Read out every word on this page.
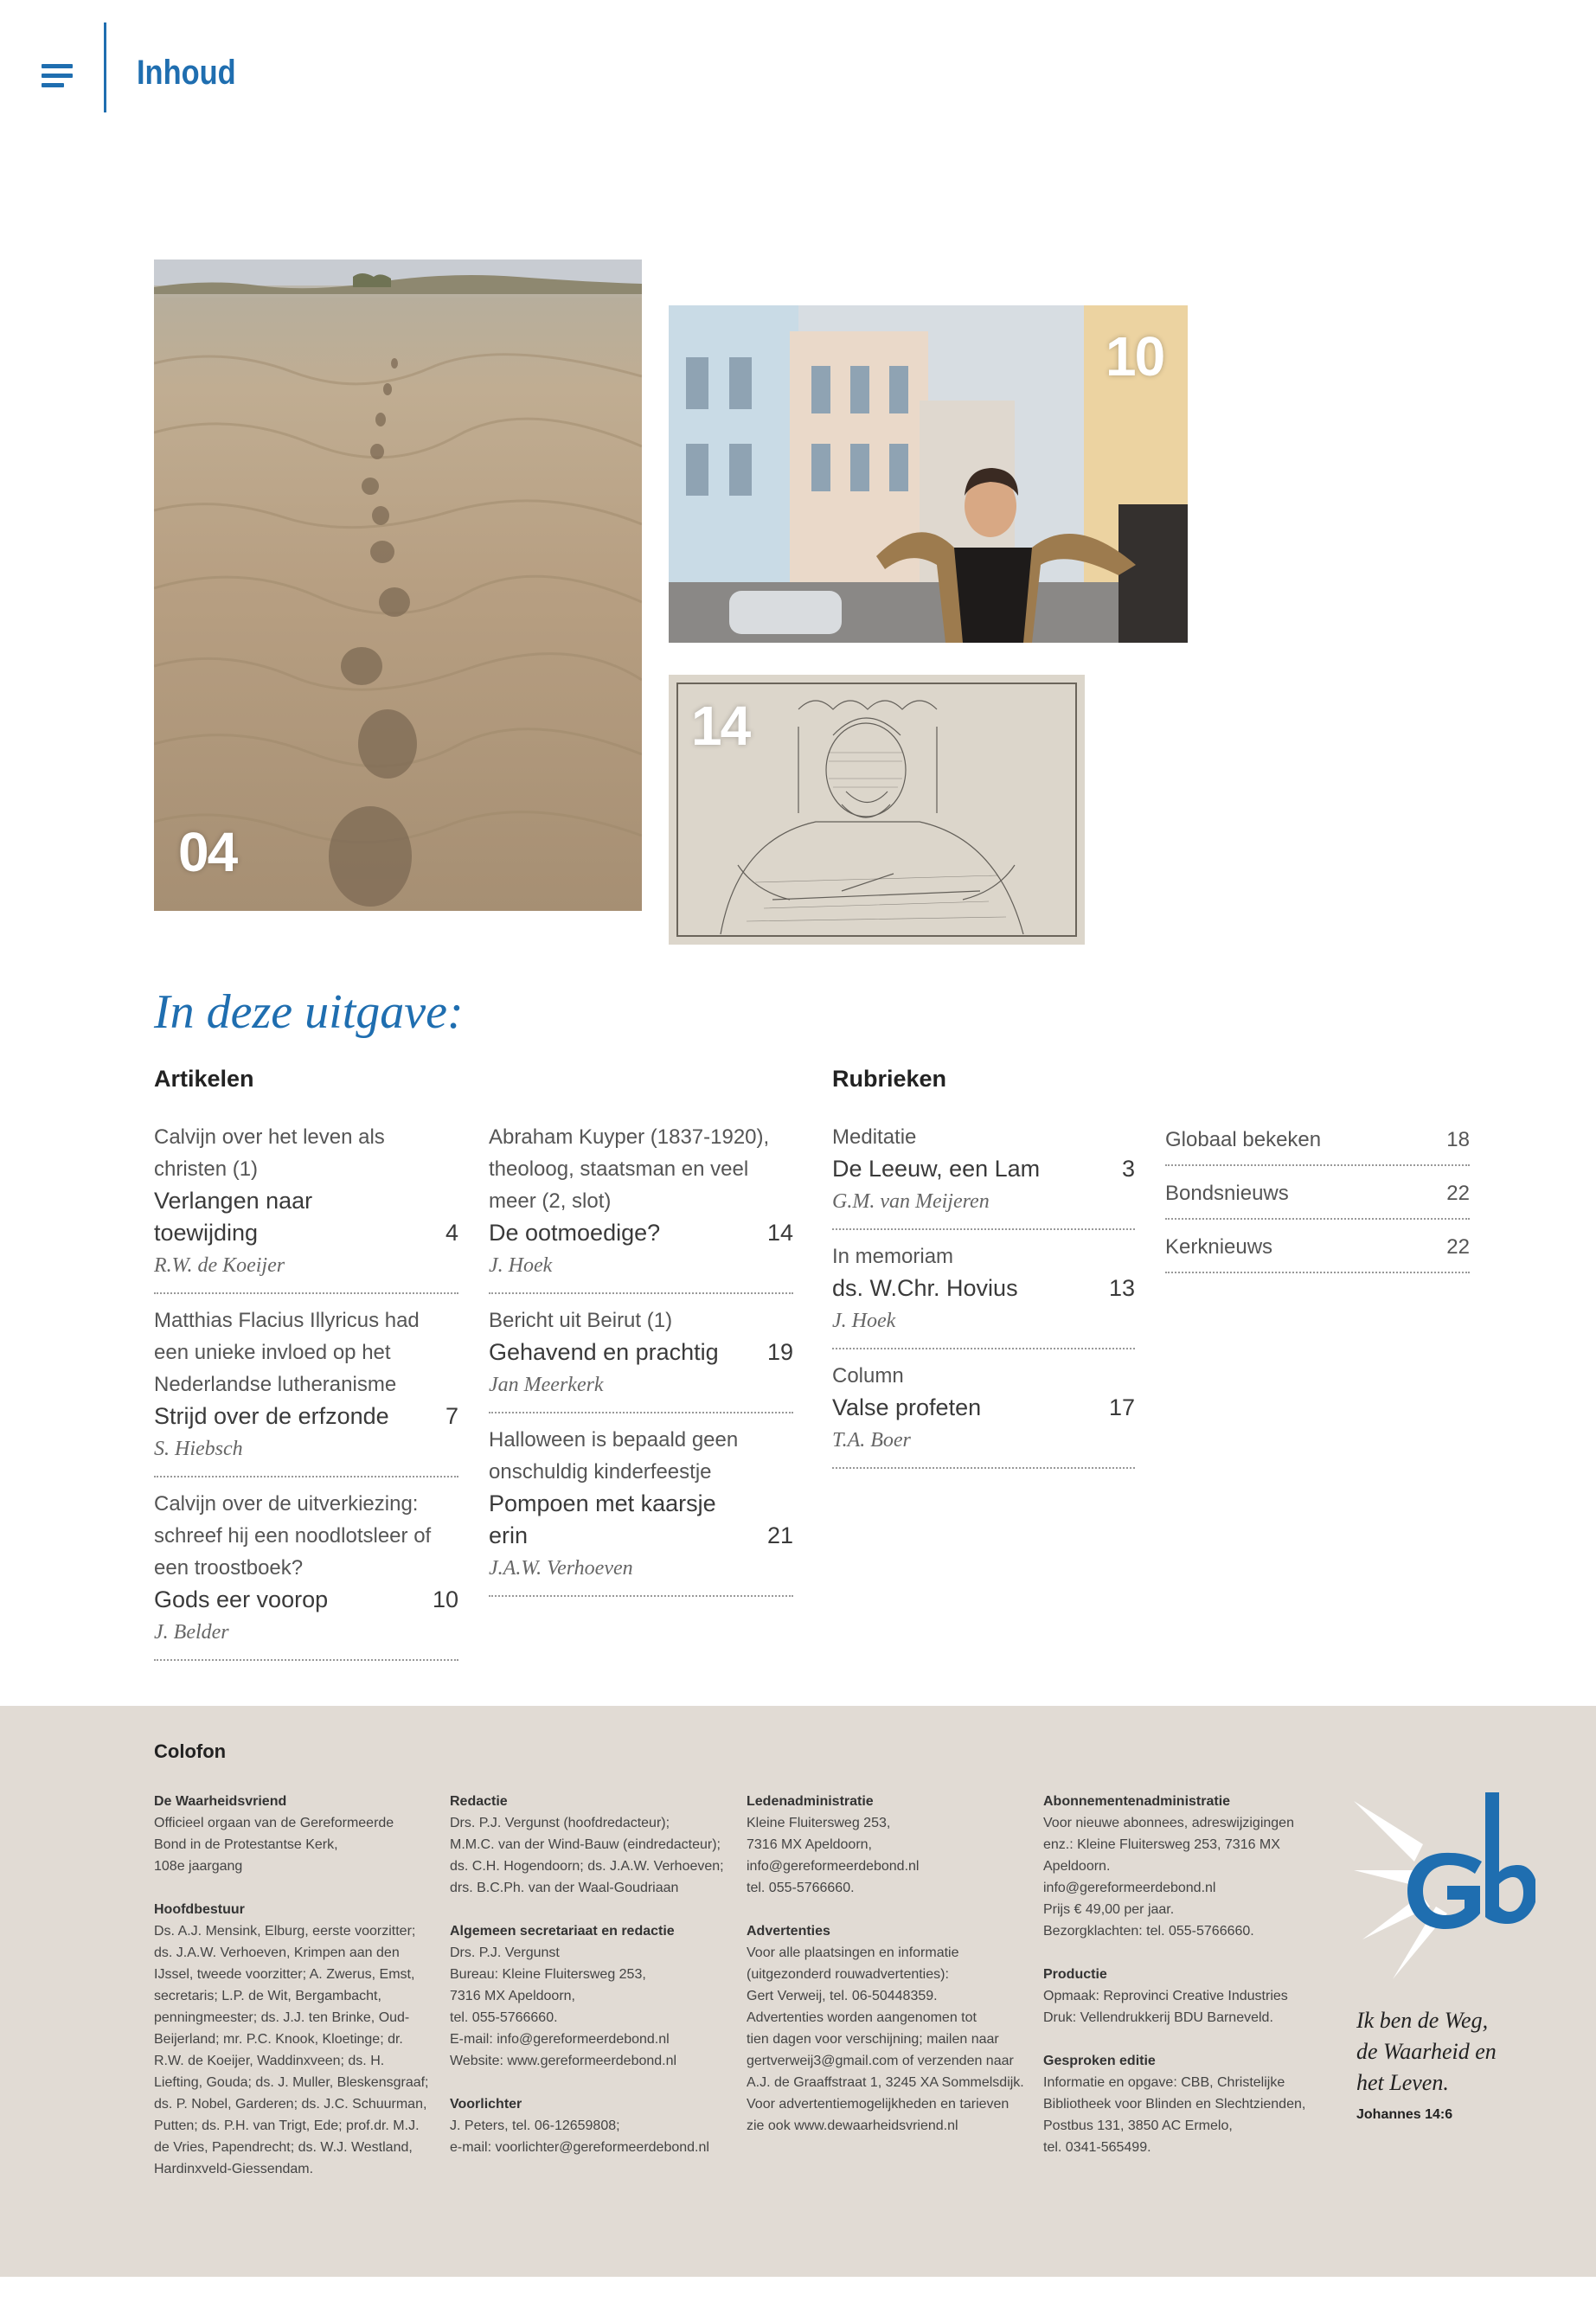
Inhoud
04
10
14
In deze uitgave:
Artikelen	Rubrieken
Calvijn over het leven als christen (1)
Verlangen naar toewijding	4
R.W. de Koeijer
Matthias Flacius Illyricus had een unieke invloed op het Nederlandse lutheranisme
Strijd over de erfzonde	7
S. Hiebsch
Calvijn over de uitverkiezing: schreef hij een noodlotsleer of een troostboek?
Gods eer voorop	10
J. Belder
Abraham Kuyper (1837-1920), theoloog, staatsman en veel meer (2, slot)
De ootmoedige?	14
J. Hoek
Bericht uit Beirut (1)
Gehavend en prachtig	19
Jan Meerkerk
Halloween is bepaald geen onschuldig kinderfeestje
Pompoen met kaarsje erin	21
J.A.W. Verhoeven
Meditatie
De Leeuw, een Lam	3
G.M. van Meijeren
In memoriam
ds. W.Chr. Hovius	13
J. Hoek
Column
Valse profeten	17
T.A. Boer
Globaal bekeken	18
Bondsnieuws	22
Kerknieuws	22
Colofon
De Waarheidsvriend

Officieel orgaan van de Gereformeerde
Bond in de Protestantse Kerk,
108e jaargang

Hoofdbestuur

Ds. A.J. Mensink, Elburg, eerste voorzitter;
ds. J.A.W. Verhoeven, Krimpen aan den
IJssel, tweede voorzitter; A. Zwerus, Emst,
secretaris; L.P. de Wit, Bergambacht,
penningmeester; ds. J.J. ten Brinke, Oud-
Beijerland; mr. P.C. Knook, Kloetinge; dr.
R.W. de Koeijer, Waddinxveen; ds. H.
Liefting, Gouda; ds. J. Muller, Bleskensgraaf;
ds. P. Nobel, Garderen; ds. J.C. Schuurman,
Putten; ds. P.H. van Trigt, Ede; prof.dr. M.J.
de Vries, Papendrecht; ds. W.J. Westland,
Hardinxveld-Giessendam.

Redactie

Drs. P.J. Vergunst (hoofdredacteur);
M.M.C. van der Wind-Bauw (eindredacteur);
ds. C.H. Hogendoorn; ds. J.A.W. Verhoeven;
drs. B.C.Ph. van der Waal-Goudriaan

Algemeen secretariaat en redactie

Drs. P.J. Vergunst
Bureau: Kleine Fluitersweg 253,
7316 MX Apeldoorn,
tel. 055-5766660.
E-mail: info@gereformeerdebond.nl
Website: www.gereformeerdebond.nl

Voorlichter

J. Peters, tel. 06-12659808;
e-mail: voorlichter@gereformeerdebond.nl

Ledenadministratie

Kleine Fluitersweg 253,
7316 MX Apeldoorn,
info@gereformeerdebond.nl
tel. 055-5766660.

Advertenties

Voor alle plaatsingen en informatie
(uitgezonderd rouwadvertenties):
Gert Verweij, tel. 06-50448359.
Advertenties worden aangenomen tot
tien dagen voor verschijning; mailen naar
gertverweij3@gmail.com of verzenden naar
A.J. de Graaffstraat 1, 3245 XA Sommelsdijk.
Voor advertentiemogelijkheden en tarieven
zie ook www.dewaarheidsvriend.nl

Abonnementenadministratie

Voor nieuwe abonnees, adreswijzigingen
enz.: Kleine Fluitersweg 253, 7316 MX
Apeldoorn.
info@gereformeerdebond.nl
Prijs € 49,00 per jaar.
Bezorgklachten: tel. 055-5766660.

Productie

Opmaak: Reprovinci Creative Industries
Druk: Vellendrukkerij BDU Barneveld.

Gesproken editie

Informatie en opgave: CBB, Christelijke
Bibliotheek voor Blinden en Slechtzienden,
Postbus 131, 3850 AC Ermelo,
tel. 0341-565499.

Ik ben de Weg,
de Waarheid en
het Leven.
Johannes 14:6
